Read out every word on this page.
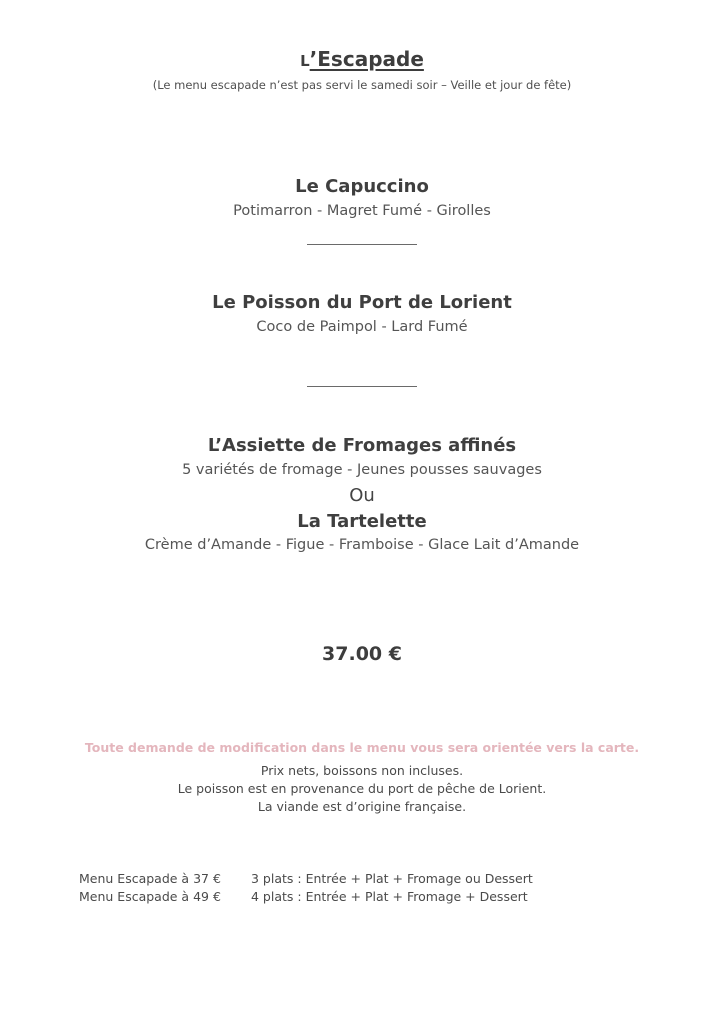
L’Escapade
(Le menu escapade n’est pas servi le samedi soir – Veille et jour de fête)
Le Capuccino
Potimarron - Magret Fumé - Girolles
Le Poisson du Port de Lorient
Coco de Paimpol - Lard Fumé
L’Assiette de Fromages affinés
5 variétés de fromage - Jeunes pousses sauvages
Ou
La Tartelette
Crème d’Amande - Figue - Framboise - Glace Lait d’Amande
37.00 €
Toute demande de modification dans le menu vous sera orientée vers la carte.
Prix nets, boissons non incluses.
Le poisson est en provenance du port de pêche de Lorient.
La viande est d’origine française.
Menu Escapade à 37 € 3 plats : Entrée + Plat + Fromage ou Dessert
Menu Escapade à 49 € 4 plats : Entrée + Plat + Fromage + Dessert
